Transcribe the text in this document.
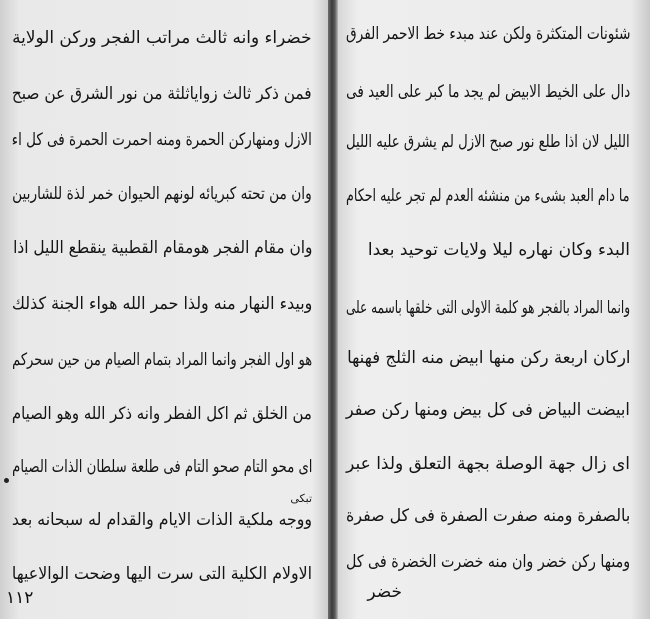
خضراء وانه ثالث مراتب الفجر وركن الولاية
فمن ذكر ثالث زواياثلثة من نور الشرق عن صبح
الازل ومنهاركن الحمرة ومنه احمرت الحمرة فى كل اء
وان من تحته كبريائه لونهم الحيوان خمر لذة للشاربين
وان مقام الفجر هومقام القطبية ينقطع الليل اذا
وبيدء النهار منه ولذا حمر الله هواء الجنة كذلك
هو اول الفجر وانما المراد بتمام الصيام من حين سحركم
من الخلق ثم اكل الفطر وانه ذكر الله وهو الصيام
اى محو التام صحو التام فى طلعة سلطان الذات الصيام
ووجه ملكية الذات الايام والقدام له سبحانه بعد
الاولام الكلية التى سرت اليها وضحت الوالاعيها
تبكى
١١٢
شئونات المتكثرة ولكن عند مبدء خط الاحمر الفرق
دال على الخيط الابيض لم يجد ما كبر على العيد فى
الليل لان اذا طلع نور صبح الازل لم يشرق عليه الليل
ما دام العبد بشىء من منشئه العدم لم تجر عليه احكام
البدء وكان نهاره ليلا ولايات توحيد بعدا
وانما المراد بالفجر هو كلمة الاولى التى خلقها باسمه على
اركان اربعة ركن منها ابيض منه الثلج فهنها
ابيضت البياض فى كل بيض ومنها ركن صفر
اى زال جهة الوصلة بجهة التعلق ولذا عبر
بالصفرة ومنه صفرت الصفرة فى كل صفرة
ومنها ركن خضر وان منه خضرت الخضرة فى كل
خضر
